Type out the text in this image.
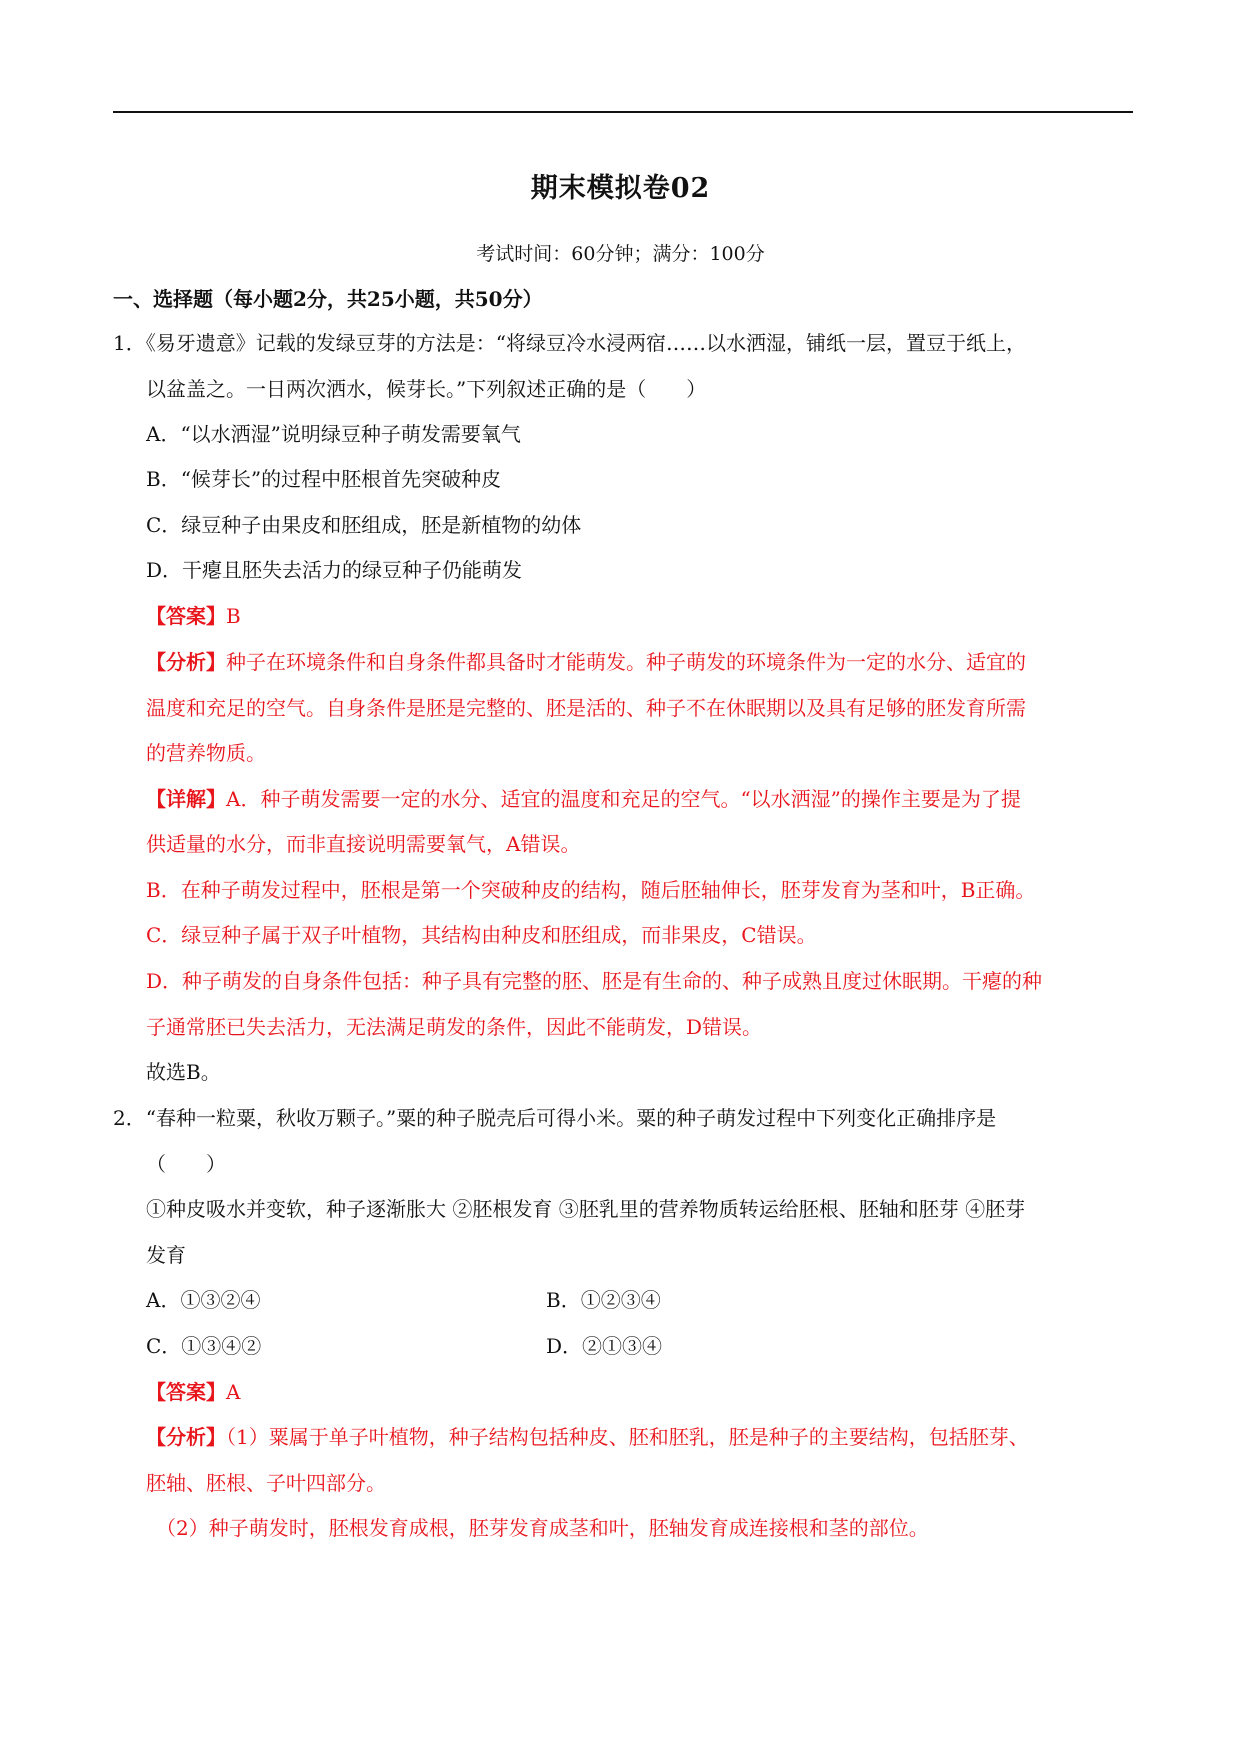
期末模拟卷02
考试时间：60分钟；满分：100分
一、选择题（每小题2分，共25小题，共50分）
1．《易牙遗意》记载的发绿豆芽的方法是：“将绿豆冷水浸两宿……以水洒湿，铺纸一层，置豆于纸上，
以盆盖之。一日两次洒水，候芽长。”下列叙述正确的是（　　）
A．“以水洒湿”说明绿豆种子萌发需要氧气
B．“候芽长”的过程中胚根首先突破种皮
C．绿豆种子由果皮和胚组成，胚是新植物的幼体
D．干瘪且胚失去活力的绿豆种子仍能萌发
【答案】B
【分析】种子在环境条件和自身条件都具备时才能萌发。种子萌发的环境条件为一定的水分、适宜的
温度和充足的空气。自身条件是胚是完整的、胚是活的、种子不在休眠期以及具有足够的胚发育所需
的营养物质。
【详解】A．种子萌发需要一定的水分、适宜的温度和充足的空气。“以水洒湿”的操作主要是为了提
供适量的水分，而非直接说明需要氧气，A错误。
B．在种子萌发过程中，胚根是第一个突破种皮的结构，随后胚轴伸长，胚芽发育为茎和叶，B正确。
C．绿豆种子属于双子叶植物，其结构由种皮和胚组成，而非果皮，C错误。
D．种子萌发的自身条件包括：种子具有完整的胚、胚是有生命的、种子成熟且度过休眠期。干瘪的种
子通常胚已失去活力，无法满足萌发的条件，因此不能萌发，D错误。
故选B。
2．“春种一粒粟，秋收万颗子。”粟的种子脱壳后可得小米。粟的种子萌发过程中下列变化正确排序是
（　　）
①种皮吸水并变软，种子逐渐胀大 ②胚根发育 ③胚乳里的营养物质转运给胚根、胚轴和胚芽 ④胚芽
发育
A．①③②④	B．①②③④
C．①③④②	D．②①③④
【答案】A
【分析】（1）粟属于单子叶植物，种子结构包括种皮、胚和胚乳，胚是种子的主要结构，包括胚芽、
胚轴、胚根、子叶四部分。
（2）种子萌发时，胚根发育成根，胚芽发育成茎和叶，胚轴发育成连接根和茎的部位。
